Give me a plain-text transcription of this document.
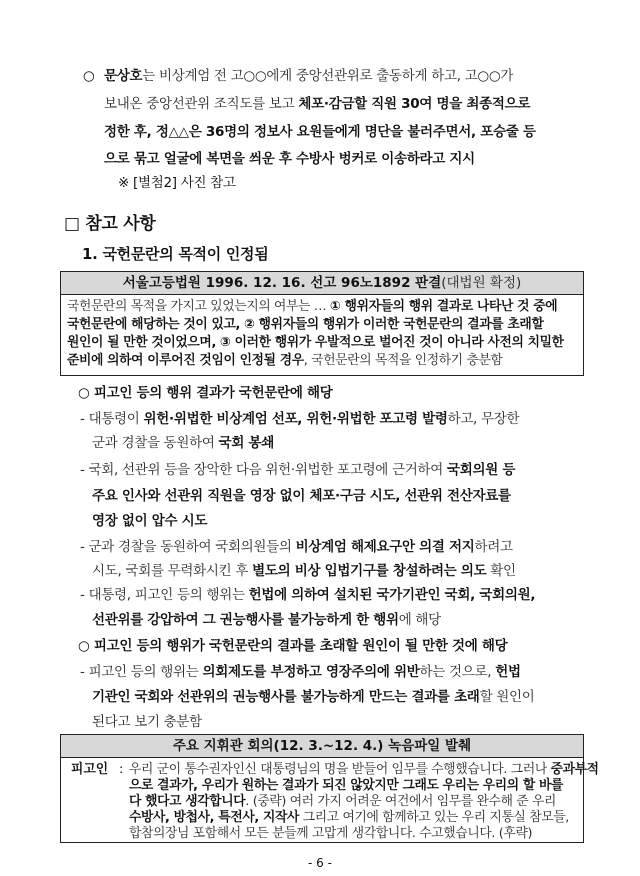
○ 문상호는 비상계엄 전 고○○에게 중앙선관위로 출동하게 하고, 고○○가
보내온 중앙선관위 조직도를 보고 체포·감금할 직원 30여 명을 최종적으로
정한 후, 정△△은 36명의 정보사 요원들에게 명단을 불러주면서, 포승줄 등
으로 묶고 얼굴에 복면을 씌운 후 수방사 벙커로 이송하라고 지시
※ [별첨2] 사진 참고
□ 참고 사항
1. 국헌문란의 목적이 인정됨
서울고등법원 1996. 12. 16. 선고 96노1892 판결(대법원 확정)
국헌문란의 목적을 가지고 있었는지의 여부는 … ① 행위자들의 행위 결과로 나타난 것 중에
국헌문란에 해당하는 것이 있고, ② 행위자들의 행위가 이러한 국헌문란의 결과를 초래할
원인이 될 만한 것이었으며, ③ 이러한 행위가 우발적으로 벌어진 것이 아니라 사전의 치밀한
준비에 의하여 이루어진 것임이 인정될 경우, 국헌문란의 목적을 인정하기 충분함
○ 피고인 등의 행위 결과가 국헌문란에 해당
- 대통령이 위헌·위법한 비상계엄 선포, 위헌·위법한 포고령 발령하고, 무장한
군과 경찰을 동원하여 국회 봉쇄
- 국회, 선관위 등을 장악한 다음 위헌·위법한 포고령에 근거하여 국회의원 등
주요 인사와 선관위 직원을 영장 없이 체포·구금 시도, 선관위 전산자료를
영장 없이 압수 시도
- 군과 경찰을 동원하여 국회의원들의 비상계엄 해제요구안 의결 저지하려고
시도, 국회를 무력화시킨 후 별도의 비상 입법기구를 창설하려는 의도 확인
- 대통령, 피고인 등의 행위는 헌법에 의하여 설치된 국가기관인 국회, 국회의원,
선관위를 강압하여 그 권능행사를 불가능하게 한 행위에 해당
○ 피고인 등의 행위가 국헌문란의 결과를 초래할 원인이 될 만한 것에 해당
- 피고인 등의 행위는 의회제도를 부정하고 영장주의에 위반하는 것으로, 헌법
기관인 국회와 선관위의 권능행사를 불가능하게 만드는 결과를 초래할 원인이
된다고 보기 충분함
주요 지휘관 회의(12. 3.~12. 4.) 녹음파일 발췌
피고인 : 우리 군이 통수권자인신 대통령님의 명을 받들어 임무를 수행했습니다. 그러나 중과부적
으로 결과가, 우리가 원하는 결과가 되진 않았지만 그래도 우리는 우리의 할 바를
다 했다고 생각합니다. (중략) 여러 가지 어려운 여건에서 임무를 완수해 준 우리
수방사, 방첩사, 특전사, 지작사 그리고 여기에 함께하고 있는 우리 지통실 참모들,
합참의장님 포함해서 모든 분들께 고맙게 생각합니다. 수고했습니다. (후략)
- 6 -
